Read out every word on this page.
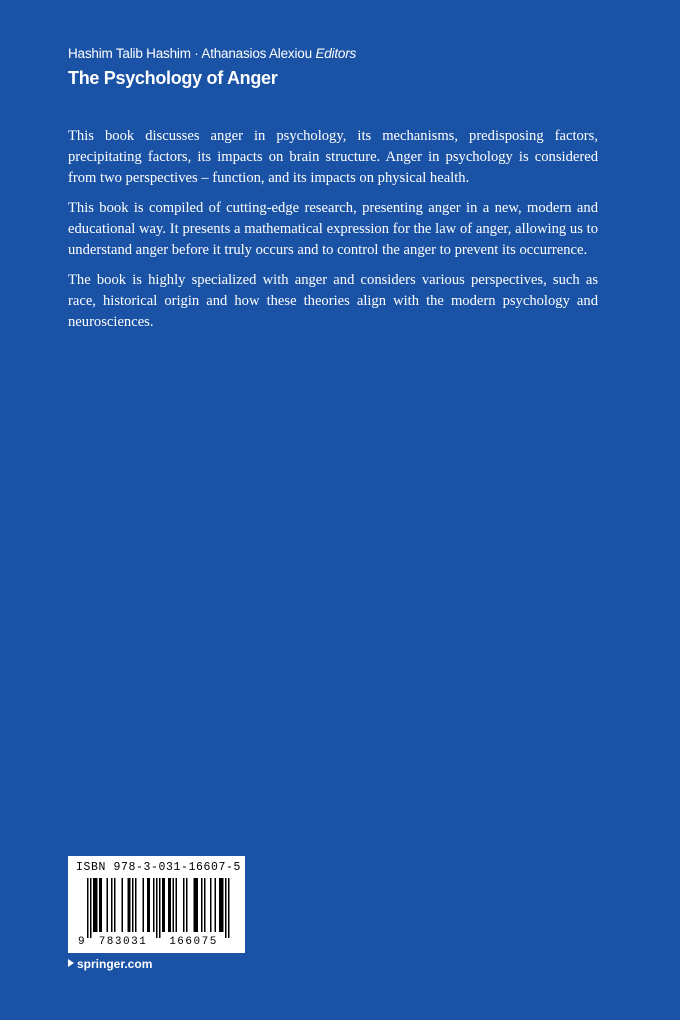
Hashim Talib Hashim · Athanasios Alexiou Editors
The Psychology of Anger

This book discusses anger in psychology, its mechanisms, predisposing factors, precipitating factors, its impacts on brain structure. Anger in psychology is considered from two perspectives – function, and its impacts on physical health.

This book is compiled of cutting-edge research, presenting anger in a new, modern and educational way. It presents a mathematical expression for the law of anger, allowing us to understand anger before it truly occurs and to control the anger to prevent its occurrence.

The book is highly specialized with anger and considers various perspectives, such as race, historical origin and how these theories align with the modern psychology and neurosciences.

ISBN 978-3-031-16607-5
9 783031 166075
springer.com
